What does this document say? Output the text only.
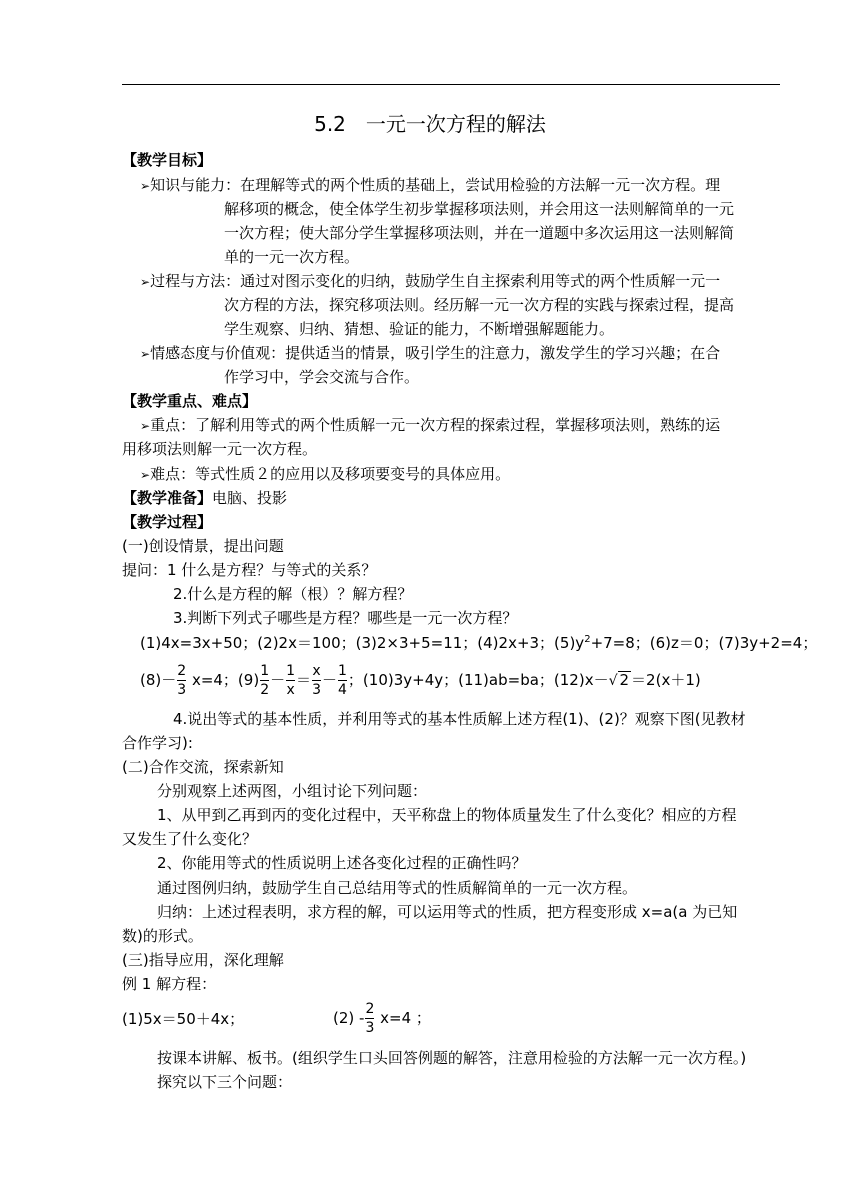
5.2　一元一次方程的解法
【教学目标】
➢知识与能力：在理解等式的两个性质的基础上，尝试用检验的方法解一元一次方程。理
解移项的概念，使全体学生初步掌握移项法则，并会用这一法则解简单的一元
一次方程；使大部分学生掌握移项法则，并在一道题中多次运用这一法则解简
单的一元一次方程。
➢过程与方法：通过对图示变化的归纳，鼓励学生自主探索利用等式的两个性质解一元一
次方程的方法，探究移项法则。经历解一元一次方程的实践与探索过程，提高
学生观察、归纳、猜想、验证的能力，不断增强解题能力。
➢情感态度与价值观：提供适当的情景，吸引学生的注意力，激发学生的学习兴趣；在合
作学习中，学会交流与合作。
【教学重点、难点】
➢重点：了解利用等式的两个性质解一元一次方程的探索过程，掌握移项法则，熟练的运
用移项法则解一元一次方程。
➢难点：等式性质２的应用以及移项要变号的具体应用。
【教学准备】电脑、投影
【教学过程】
(一)创设情景，提出问题
提问：1 什么是方程？与等式的关系？
2.什么是方程的解（根）？解方程？
3.判断下列式子哪些是方程？哪些是一元一次方程？
(1)4x=3x+50；(2)2x＝100；(3)2×3+5=11；(4)2x+3；$(5)y^2+7=8$；(6)z＝0；(7)3y+2=4；
$(8)- \frac{2}{3} x=4$；$(9) \frac{1}{2} - \frac{1}{x} = \frac{x}{3} - \frac{1}{4}$ ；(10)3y+4y；(11)ab=ba；(12)x－√ 2 ＝2(x＋1)
4.说出等式的基本性质，并利用等式的基本性质解上述方程(1)、(2)？观察下图(见教材
合作学习):
(二)合作交流，探索新知
分别观察上述两图，小组讨论下列问题：
1、从甲到乙再到丙的变化过程中，天平称盘上的物体质量发生了什么变化？相应的方程
又发生了什么变化？
2、你能用等式的性质说明上述各变化过程的正确性吗？
通过图例归纳，鼓励学生自己总结用等式的性质解简单的一元一次方程。
归纳：上述过程表明，求方程的解，可以运用等式的性质，把方程变形成 x=a(a 为已知
数)的形式。
(三)指导应用，深化理解
例 1 解方程：
(1)5x＝50＋4x；	$(2) - \frac{2}{3} x=4$ ；
按课本讲解、板书。(组织学生口头回答例题的解答，注意用检验的方法解一元一次方程。)
探究以下三个问题：
